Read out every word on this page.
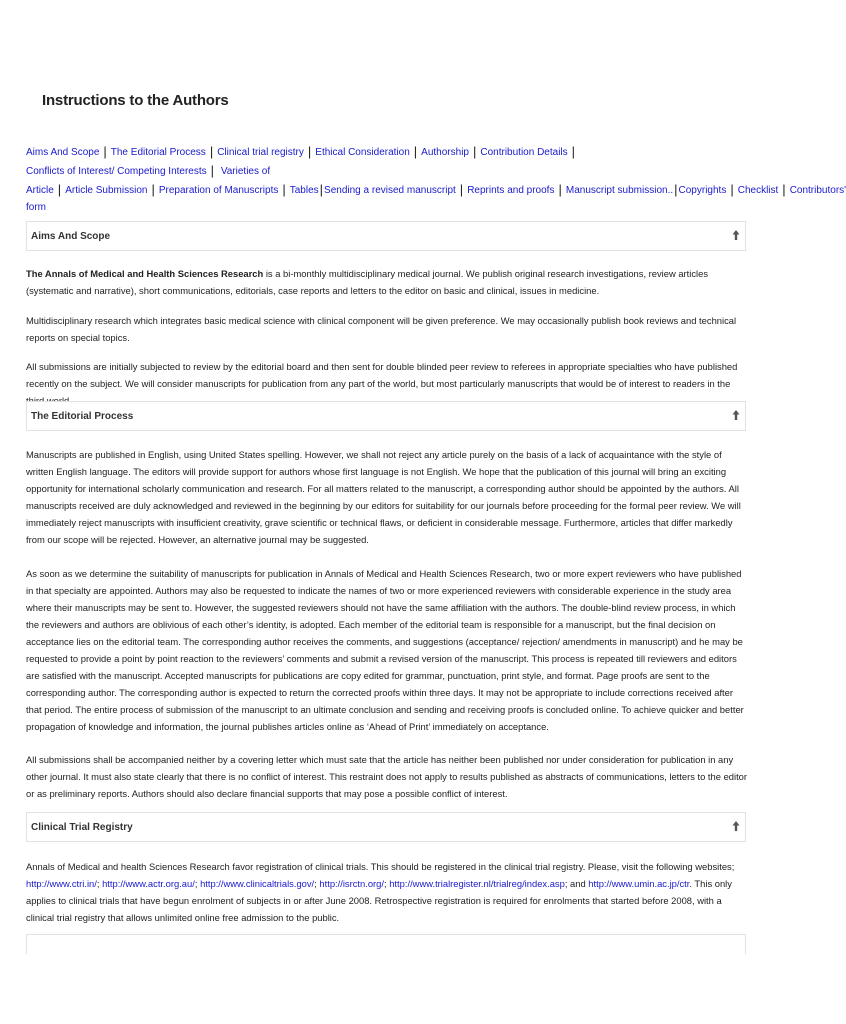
Instructions to the Authors
Aims And Scope | The Editorial Process | Clinical trial registry | Ethical Consideration | Authorship | Contribution Details | Conflicts of Interest/ Competing Interests | Varieties of Article | Article Submission | Preparation of Manuscripts | Tables|Sending a revised manuscript | Reprints and proofs | Manuscript submission..|Copyrights | Checklist | Contributors' form
Aims And Scope

The Annals of Medical and Health Sciences Research is a bi-monthly multidisciplinary medical journal. We publish original research investigations, review articles (systematic and narrative), short communications, editorials, case reports and letters to the editor on basic and clinical, issues in medicine.

Multidisciplinary research which integrates basic medical science with clinical component will be given preference. We may occasionally publish book reviews and technical reports on special topics.

All submissions are initially subjected to review by the editorial board and then sent for double blinded peer review to referees in appropriate specialties who have published recently on the subject. We will consider manuscripts for publication from any part of the world, but most particularly manuscripts that would be of interest to readers in the

The Editorial Process

Manuscripts are published in English, using United States spelling. However, we shall not reject any article purely on the basis of a lack of acquaintance with the style of written English language. The editors will provide support for authors whose first language is not English. We hope that the publication of this journal will bring an exciting opportunity for international scholarly communication and research. For all matters related to the manuscript, a corresponding author should be appointed by the authors. All manuscripts received are duly acknowledged and reviewed in the beginning by our editors for suitability for our journals before proceeding for the formal peer review. We will immediately reject manuscripts with insufficient creativity, grave scientific or technical flaws, or deficient in considerable message. Furthermore, articles that differ markedly from our scope will be rejected. However, an alternative journal may be suggested.

As soon as we determine the suitability of manuscripts for publication in Annals of Medical and Health Sciences Research, two or more expert reviewers who have published in that specialty are appointed. Authors may also be requested to indicate the names of two or more experienced reviewers with considerable experience in the study area where their manuscripts may be sent to. However, the suggested reviewers should not have the same affiliation with the authors. The double-blind review process, in which the reviewers and authors are oblivious of each other’s identity, is adopted. Each member of the editorial team is responsible for a manuscript, but the final decision on acceptance lies on the editorial team. The corresponding author receives the comments, and suggestions (acceptance/ rejection/ amendments in manuscript) and he may be requested to provide a point by point reaction to the reviewers’ comments and submit a revised version of the manuscript. This process is repeated till reviewers and editors are satisfied with the manuscript. Accepted manuscripts for publications are copy edited for grammar, punctuation, print style, and format. Page proofs are sent to the corresponding author. The corresponding author is expected to return the corrected proofs within three days. It may not be appropriate to include corrections received after that period. The entire process of submission of the manuscript to an ultimate conclusion and sending and receiving proofs is concluded online. To achieve quicker and better propagation of knowledge and information, the journal publishes articles online as ‘Ahead of Print’ immediately on acceptance.

All submissions shall be accompanied neither by a covering letter which must sate that the article has neither been published nor under consideration for publication in any other journal. It must also state clearly that there is no conflict of interest. This restraint does not apply to results published as abstracts of communications, letters to the editor or as preliminary reports. Authors should also declare financial supports that may pose a possible conflict of interest.

Clinical Trial Registry

Annals of Medical and health Sciences Research favor registration of clinical trials. This should be registered in the clinical trial registry. Please, visit the following websites; http://www.ctri.in/; http://www.actr.org.au/; http://www.clinicaltrials.gov/; http://isrctn.org/; http://www.trialregister.nl/trialreg/index.asp; and http://www.umin.ac.jp/ctr. This only applies to clinical trials that have begun enrolment of subjects in or after June 2008. Retrospective registration is required for enrolments that started before 2008, with a clinical trial registry that allows unlimited online free admission to the public.
